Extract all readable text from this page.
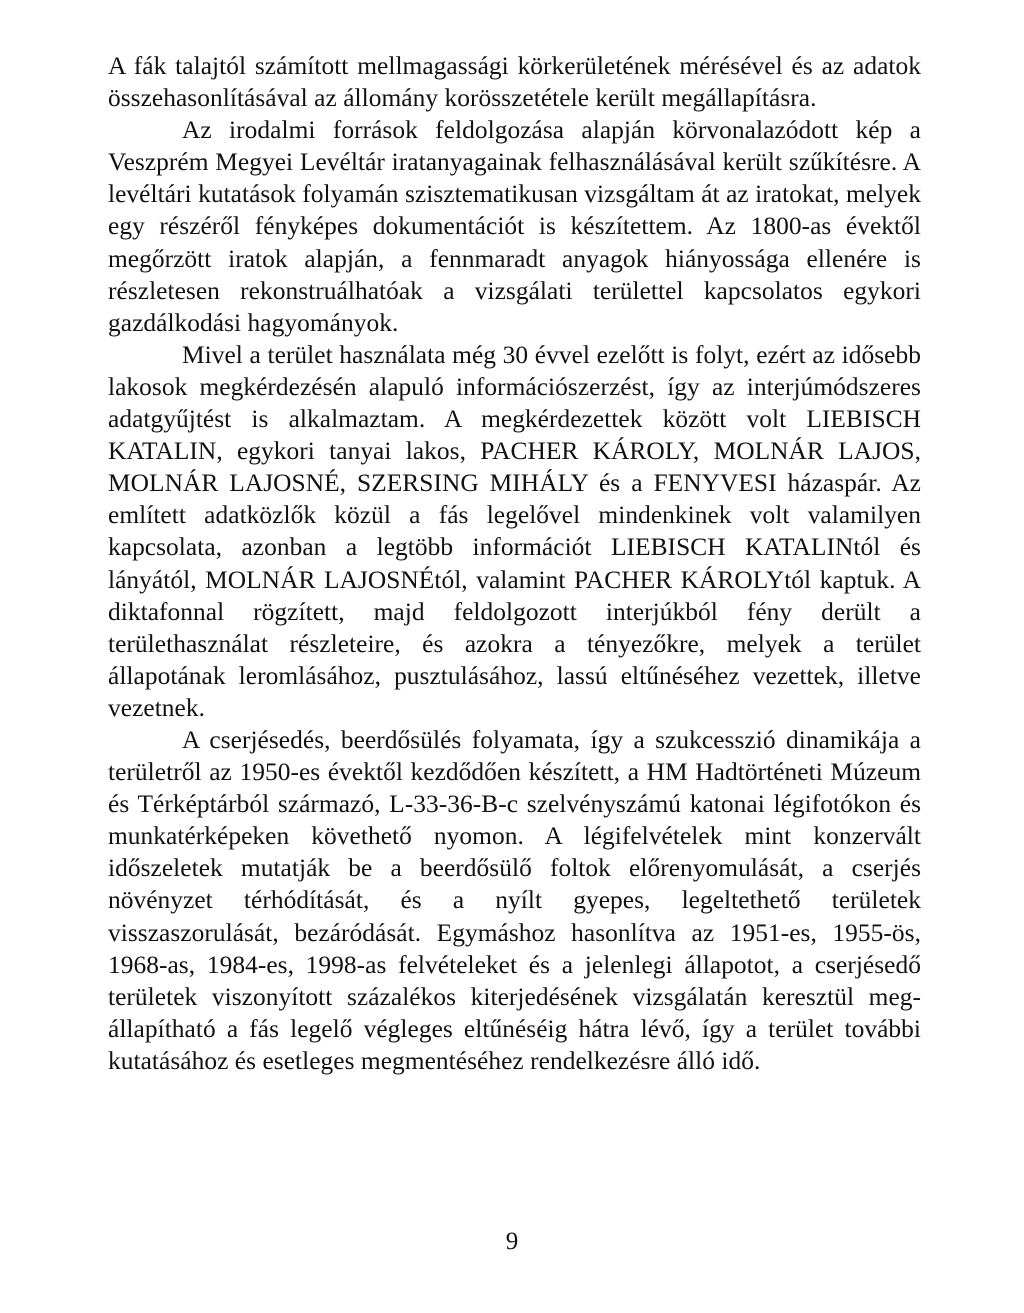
A fák talajtól számított mellmagassági körkerületének mérésével és az adatok összehasonlításával az állomány korösszetétele került megállapításra.

Az irodalmi források feldolgozása alapján körvonalazódott kép a Veszprém Megyei Levéltár iratanyagainak felhasználásával került szűkítésre. A levéltári kutatások folyamán szisztematikusan vizsgáltam át az iratokat, melyek egy részéről fényképes dokumentációt is készítettem. Az 1800-as évektől megőrzött iratok alapján, a fennmaradt anyagok hiányossága ellenére is részletesen rekonstruálhatóak a vizsgálati területtel kapcsolatos egykori gazdálkodási hagyományok.

Mivel a terület használata még 30 évvel ezelőtt is folyt, ezért az idősebb lakosok megkérdezésén alapuló információszerzést, így az interjúmódszeres adatgyűjtést is alkalmaztam. A megkérdezettek között volt LIEBISCH KATALIN, egykori tanyai lakos, PACHER KÁROLY, MOLNÁR LAJOS, MOLNÁR LAJOSNÉ, SZERSING MIHÁLY és a FENYVESI házaspár. Az említett adatközlők közül a fás legelővel mindenkinek volt valamilyen kapcsolata, azonban a legtöbb információt LIEBISCH KATALINtól és lányától, MOLNÁR LAJOSNÉtól, valamint PACHER KÁROLYtól kaptuk. A diktafonnal rögzített, majd feldolgozott interjúkból fény derült a területhasználat részleteire, és azokra a tényezőkre, melyek a terület állapotának leromlásához, pusztulásához, lassú eltűnéséhez vezettek, illetve vezetnek.

A cserjésedés, beerdősülés folyamata, így a szukcesszió dinamikája a területről az 1950-es évektől kezdődően készített, a HM Hadtörténeti Múzeum és Térképtárból származó, L-33-36-B-c szelvényszámú katonai légifotókon és munkatérképeken követhető nyomon. A légifelvételek mint konzervált időszeletek mutatják be a beerdősülő foltok előrenyomulását, a cserjés növényzet térhódítását, és a nyílt gyepes, legeltethető területek visszaszorulását, bezáródását. Egymáshoz hasonlítva az 1951-es, 1955-ös, 1968-as, 1984-es, 1998-as felvételeket és a jelenlegi állapotot, a cserjésedő területek viszonyított százalékos kiterjedésének vizsgálatán keresztül megállapítható a fás legelő végleges eltűnéséig hátra lévő, így a terület további kutatásához és esetleges megmentéséhez rendelkezésre álló idő.

9
